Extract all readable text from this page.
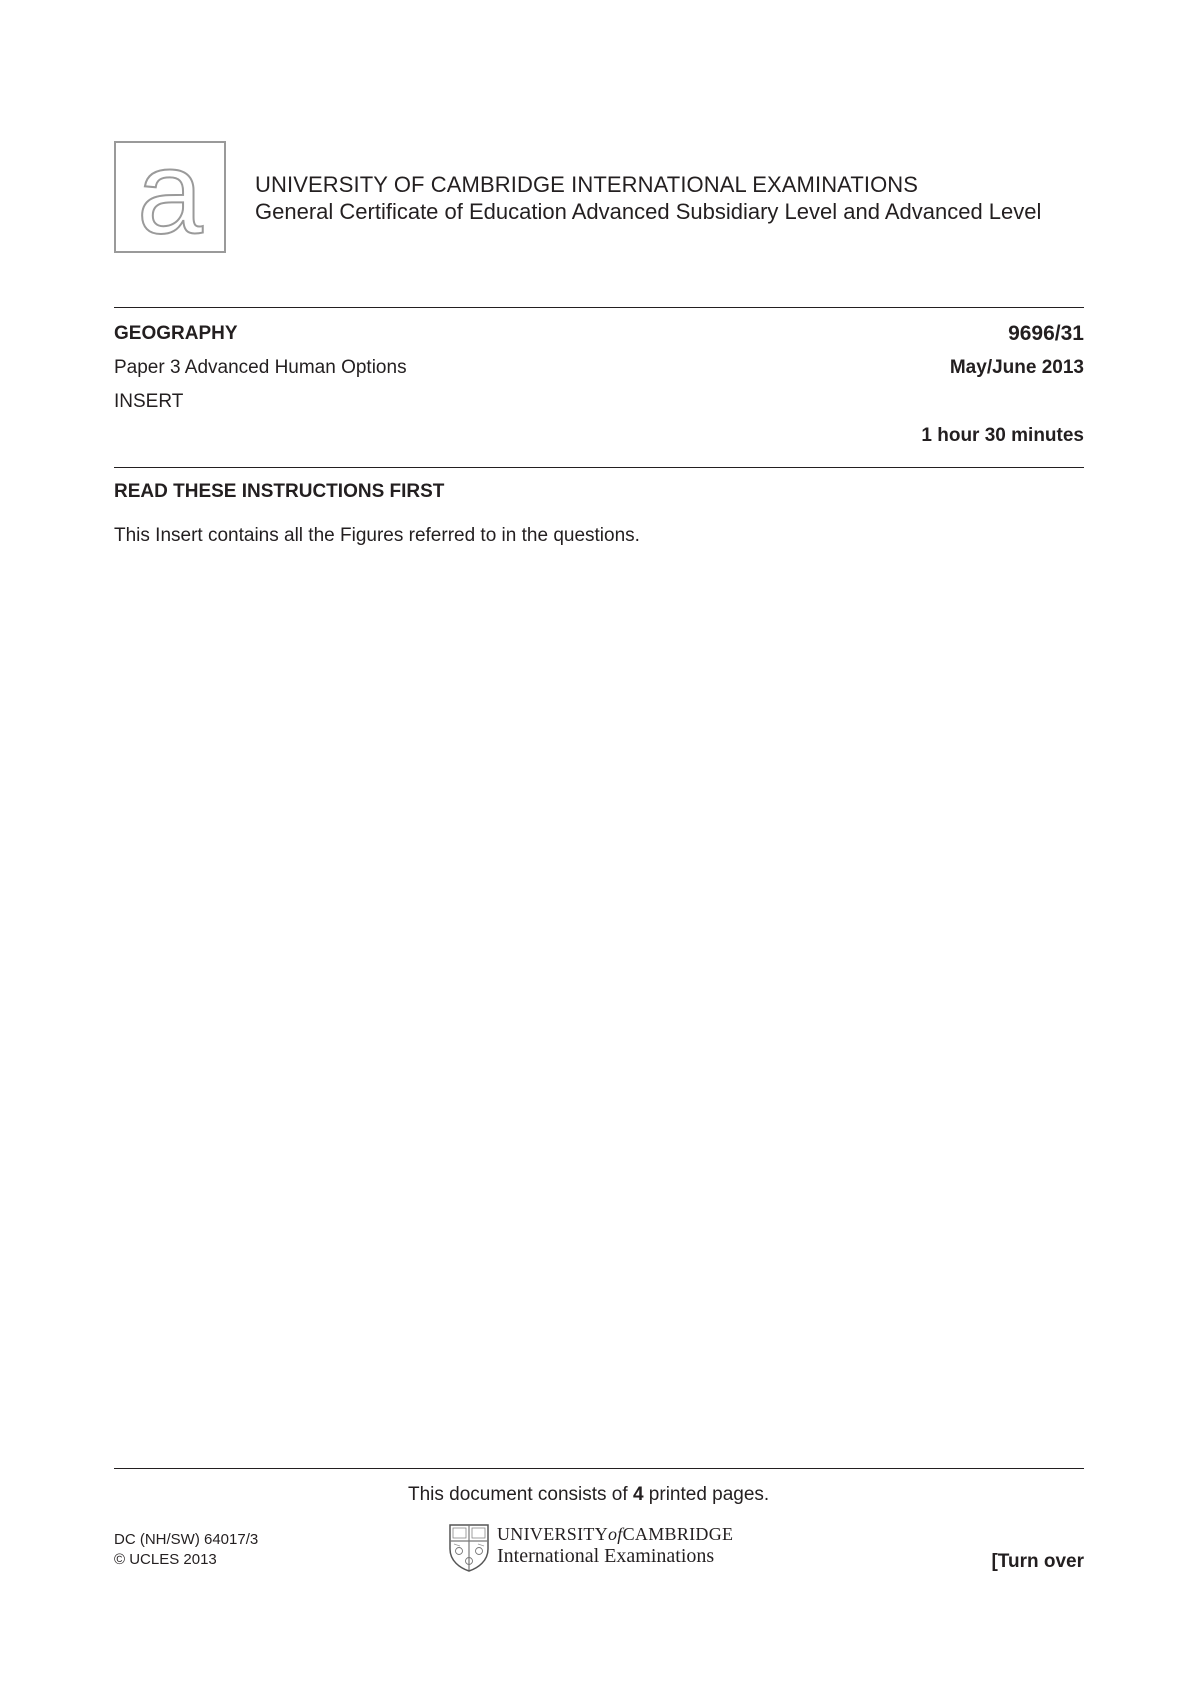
a UNIVERSITY OF CAMBRIDGE INTERNATIONAL EXAMINATIONS
General Certificate of Education Advanced Subsidiary Level and Advanced Level
GEOGRAPHY	9696/31
Paper 3 Advanced Human Options	May/June 2013
INSERT
1 hour 30 minutes
READ THESE INSTRUCTIONS FIRST
This Insert contains all the Figures referred to in the questions.
This document consists of 4 printed pages.
DC (NH/SW) 64017/3
© UCLES 2013
UNIVERSITYofCAMBRIDGE
International Examinations	[Turn over
